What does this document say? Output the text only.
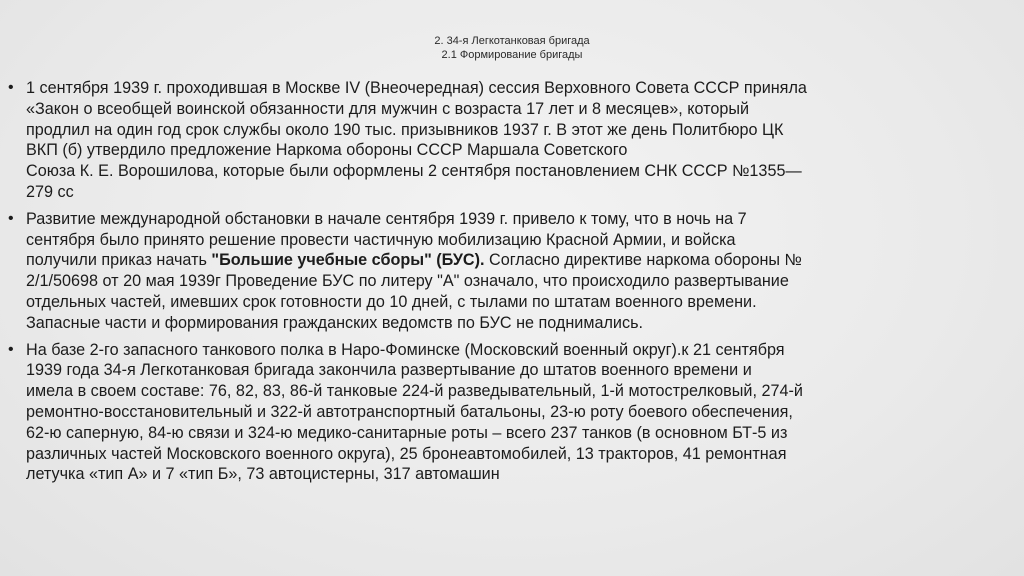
2. 34-я Легкотанковая бригада
2.1 Формирование бригады
• 1 сентября 1939 г. проходившая в Москве IV (Внеочередная) сессия Верховного Совета СССР приняла
«Закон о всеобщей воинской обязанности для мужчин с возраста 17 лет и 8 месяцев», который
продлил на один год срок службы около 190 тыс. призывников 1937 г. В этот же день Политбюро ЦК
ВКП (б) утвердило предложение Наркома обороны СССР Маршала Советского
Союза К. Е. Ворошилова, которые были оформлены 2 сентября постановлением СНК СССР №1355—
279 сс
• Развитие международной обстановки в начале сентября 1939 г. привело к тому, что в ночь на 7
сентября было принято решение провести частичную мобилизацию Красной Армии, и войска
получили приказ начать "Большие учебные сборы" (БУС). Согласно директиве наркома обороны №
2/1/50698 от 20 мая 1939г Проведение БУС по литеру "А" означало, что происходило развертывание
отдельных частей, имевших срок готовности до 10 дней, с тылами по штатам военного времени.
Запасные части и формирования гражданских ведомств по БУС не поднимались.
• На базе 2-го запасного танкового полка в Наро-Фоминске (Московский военный округ).к 21 сентября
1939 года 34-я Легкотанковая бригада закончила развертывание до штатов военного времени и
имела в своем составе: 76, 82, 83, 86-й танковые 224-й разведывательный, 1-й мотострелковый, 274-й
ремонтно-восстановительный и 322-й автотранспортный батальоны, 23-ю роту боевого обеспечения,
62-ю саперную, 84-ю связи и 324-ю медико-санитарные роты – всего 237 танков (в основном БТ-5 из
различных частей Московского военного округа), 25 бронеавтомобилей, 13 тракторов, 41 ремонтная
летучка «тип А» и 7 «тип Б», 73 автоцистерны, 317 автомашин
